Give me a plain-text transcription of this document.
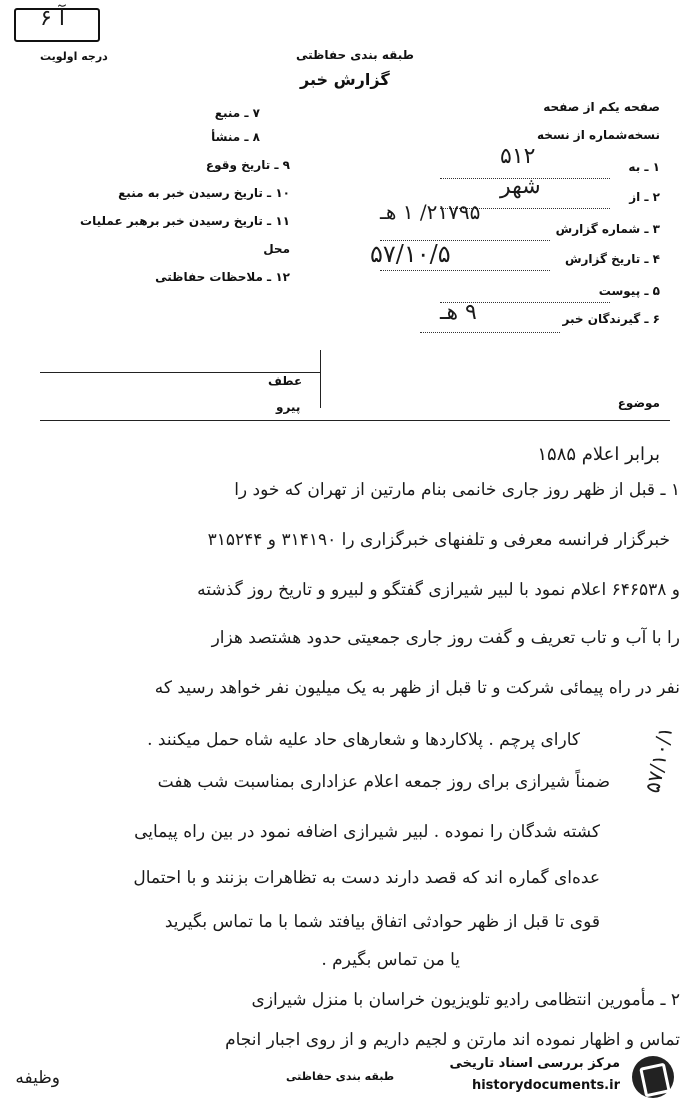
آ ۶
درجه اولویت	طبقه بندی حفاظتی
گزارش خبر
صفحه یکم از صفحه
نسخه‌شماره از نسخه
۱ ـ به
۵۱۲
۲ ـ از
شهر
۳ ـ شماره گزارش
۲۱۷۹۵/ ۱ هـ
۴ ـ تاریخ گزارش
۵۷/۱۰/۵
۵ ـ پیوست
۶ ـ گیرندگان خبر
۹ هـ
۷ ـ منبع
۸ ـ منشأ
۹ ـ تاریخ وقوع
۱۰ ـ تاریخ رسیدن خبر به منبع
۱۱ ـ تاریخ رسیدن خبر برهبر عملیات
محل
۱۲ ـ ملاحظات حفاظتی
عطف
پیرو	موضوع
برابر اعلام ۱۵۸۵
۱ ـ قبل از ظهر روز جاری خانمی بنام مارتین از تهران که خود را
خبرگزار فرانسه معرفی و تلفنهای خبرگزاری را ۳۱۴۱۹۰ و ۳۱۵۲۴۴
و ۶۴۶۵۳۸ اعلام نمود با لبیر شیرازی گفتگو و لبیرو و تاریخ روز گذشته
را با آب و تاب تعریف و گفت روز جاری جمعیتی حدود هشتصد هزار
نفر در راه پیمائی شرکت و تا قبل از ظهر به یک میلیون نفر خواهد رسید که
کارای پرچم . پلاکاردها و شعارهای حاد علیه شاه حمل میکنند .
ضمناً شیرازی برای روز جمعه اعلام عزاداری بمناسبت شب هفت
کشته شدگان را نموده . لبیر شیرازی اضافه نمود در بین راه پیمایی
عده‌ای گماره اند که قصد دارند دست به تظاهرات بزنند و با احتمال
قوی تا قبل از ظهر حوادثی اتفاق بیافتد شما با ما تماس بگیرید
یا من تماس بگیرم .
۲ ـ مأمورین انتظامی رادیو تلویزیون خراسان با منزل شیرازی
تماس و اظهار نموده اند مارتن و لجیم داریم و از روی اجبار انجام
وظیفه
۵۷/۱۰/۱
طبقه بندی حفاظتی
مرکز بررسی اسناد تاریخی
historydocuments.ir
